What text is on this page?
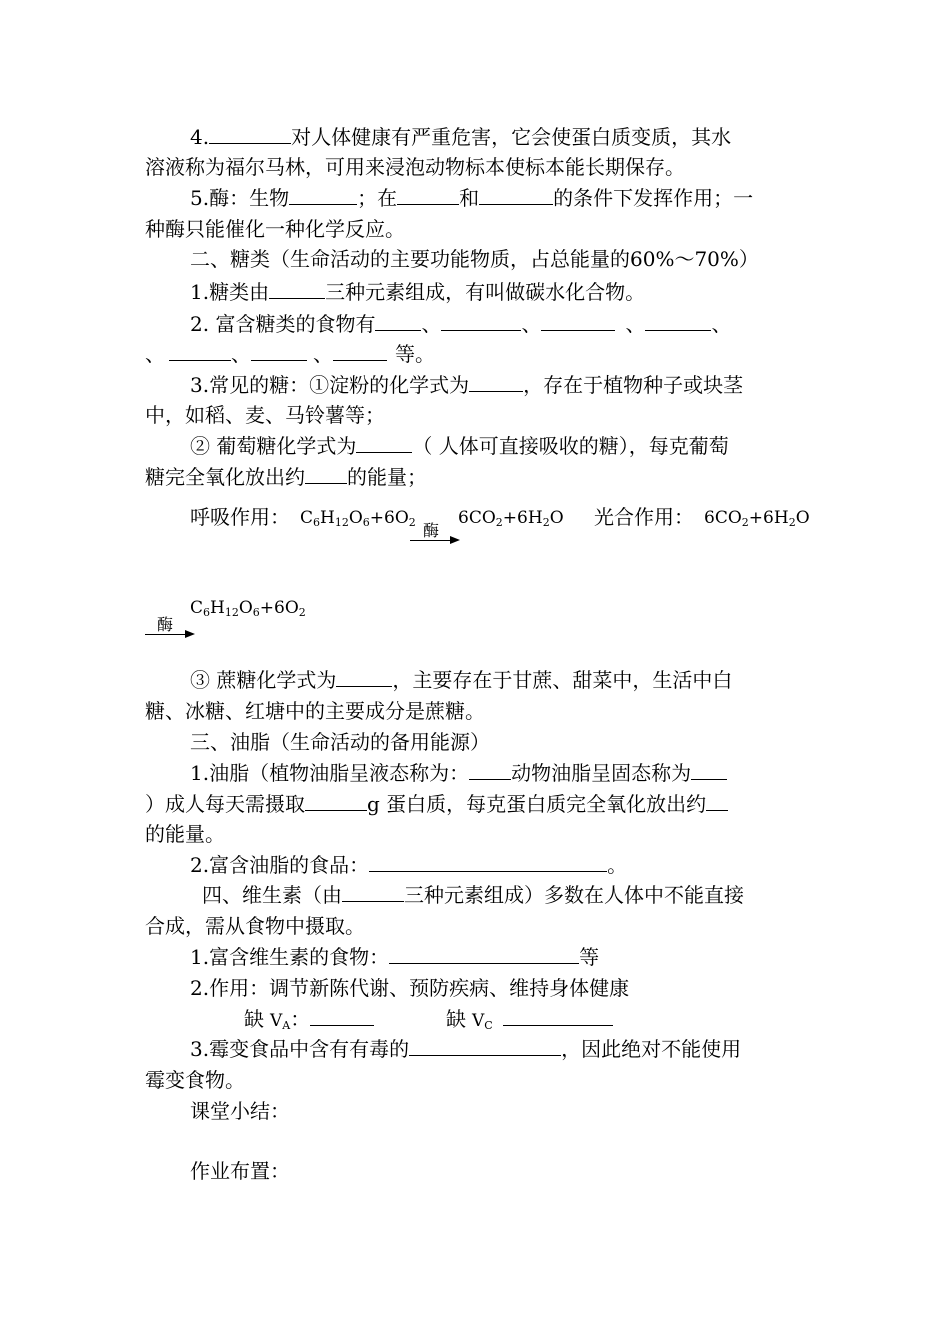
4.	对人体健康有严重危害，它会使蛋白质变质，其水
溶液称为福尔马林，可用来浸泡动物标本使标本能长期保存。
5.酶：生物	；在	和	的条件下发挥作用；一
种酶只能催化一种化学反应。
二、糖类（生命活动的主要功能物质，占总能量的60%～70%）
1.糖类由	三种元素组成，有叫做碳水化合物。
2. 富含糖类的食物有 、	、	、	、
、	、	、	等。
3.常见的糖：①淀粉的化学式为	，存在于植物种子或块茎
中，如稻、麦、马铃薯等；
② 葡萄糖化学式为	（ 人体可直接吸收的糖），每克葡萄
糖完全氧化放出约 的能量；
呼吸作用： $C_6H_{12}O_6+6O_2$ 酶
$6CO_2+6H_2O$ 光合作用： $6CO_2+6H_2O$
$C_6H_{12}O_6+6O_2$
酶
③ 蔗糖化学式为	，主要存在于甘蔗、甜菜中，生活中白
糖、冰糖、红塘中的主要成分是蔗糖。
三、油脂（生命活动的备用能源）
1.油脂（植物油脂呈液态称为： 动物油脂呈固态称为
）成人每天需摄取	g 蛋白质，每克蛋白质完全氧化放出约
的能量。
2.富含油脂的食品：	。
四、维生素（由	三种元素组成）多数在人体中不能直接
合成，需从食物中摄取。
1.富含维生素的食物：	等
2.作用：调节新陈代谢、预防疾病、维持身体健康
缺 $V_A$：	缺 $V_C$
3.霉变食品中含有有毒的	，因此绝对不能使用
霉变食物。
课堂小结：
作业布置：
